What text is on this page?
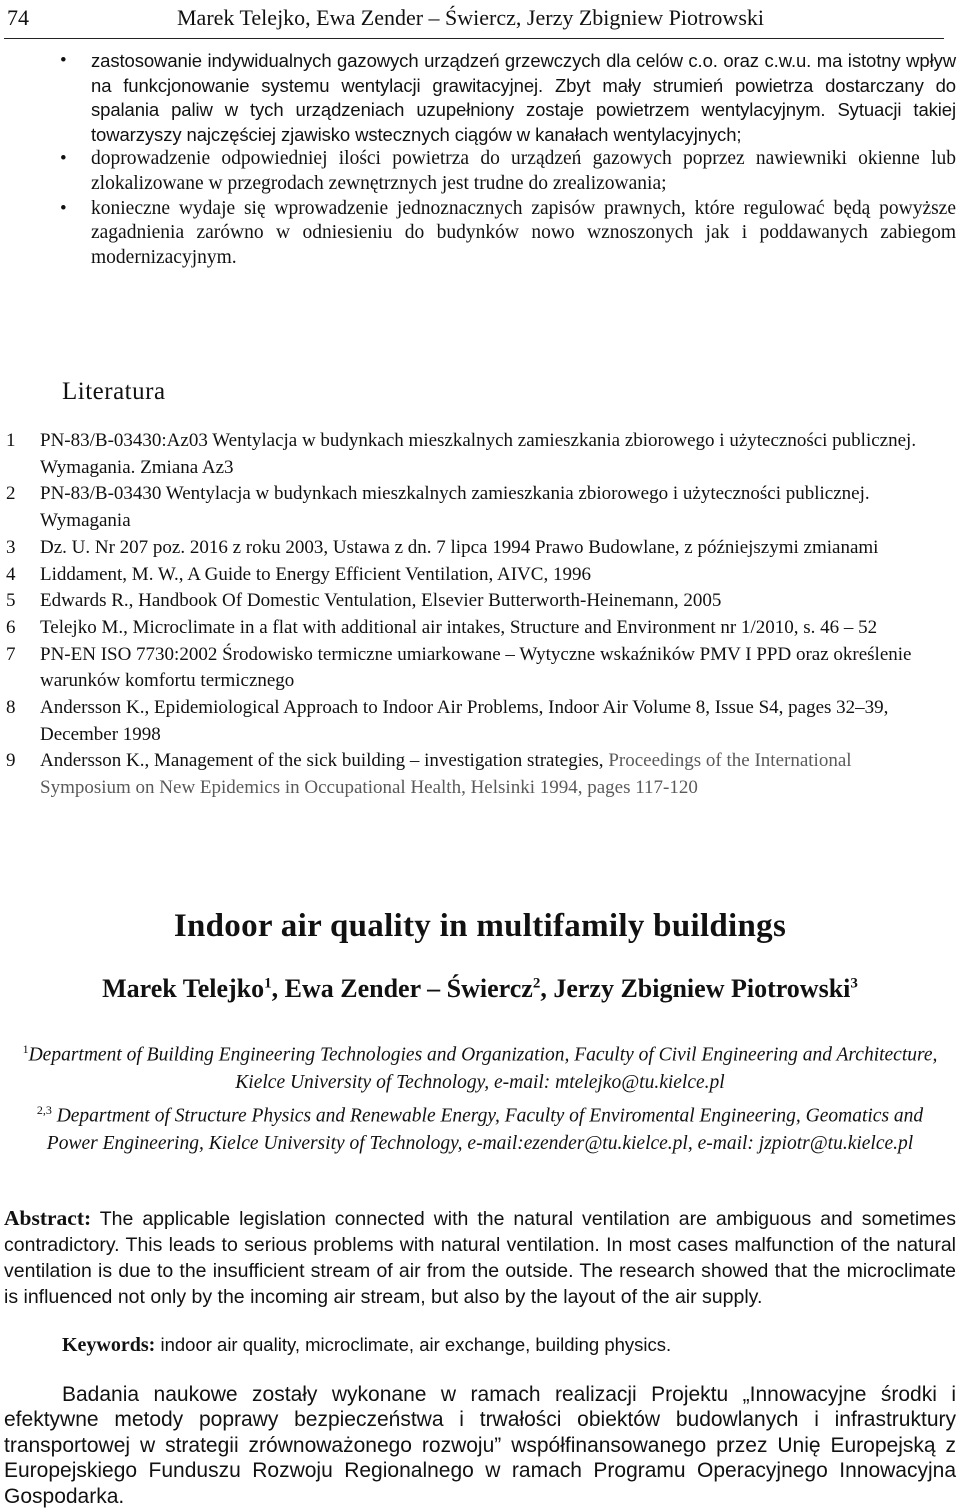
74	Marek Telejko, Ewa Zender – Świercz, Jerzy Zbigniew Piotrowski
• zastosowanie indywidualnych gazowych urządzeń grzewczych dla celów c.o. oraz c.w.u. ma istotny wpływ na funkcjonowanie systemu wentylacji grawitacyjnej. Zbyt mały strumień powietrza dostarczany do spalania paliw w tych urządzeniach uzupełniony zostaje powietrzem wentylacyjnym. Sytuacji takiej towarzyszy najczęściej zjawisko wstecznych ciągów w kanałach wentylacyjnych;
• doprowadzenie odpowiedniej ilości powietrza do urządzeń gazowych poprzez nawiewniki okienne lub zlokalizowane w przegrodach zewnętrznych jest trudne do zrealizowania;
• konieczne wydaje się wprowadzenie jednoznacznych zapisów prawnych, które regulować będą powyższe zagadnienia zarówno w odniesieniu do budynków nowo wznoszonych jak i poddawanych zabiegom modernizacyjnym.
Literatura
1 PN-83/B-03430:Az03 Wentylacja w budynkach mieszkalnych zamieszkania zbiorowego i użyteczności publicznej. Wymagania. Zmiana Az3
2 PN-83/B-03430 Wentylacja w budynkach mieszkalnych zamieszkania zbiorowego i użyteczności publicznej. Wymagania
3 Dz. U. Nr 207 poz. 2016 z roku 2003, Ustawa z dn. 7 lipca 1994 Prawo Budowlane, z późniejszymi zmianami
4 Liddament, M. W., A Guide to Energy Efficient Ventilation, AIVC, 1996
5 Edwards R., Handbook Of Domestic Ventulation, Elsevier Butterworth-Heinemann, 2005
6 Telejko M., Microclimate in a flat with additional air intakes, Structure and Environment nr 1/2010, s. 46 – 52
7 PN-EN ISO 7730:2002 Środowisko termiczne umiarkowane – Wytyczne wskaźników PMV I PPD oraz określenie warunków komfortu termicznego
8 Andersson K., Epidemiological Approach to Indoor Air Problems, Indoor Air Volume 8, Issue S4, pages 32–39, December 1998
9 Andersson K., Management of the sick building – investigation strategies, Proceedings of the International Symposium on New Epidemics in Occupational Health, Helsinki 1994, pages 117-120
Indoor air quality in multifamily buildings
Marek Telejko$^1$, Ewa Zender – Świercz$^2$, Jerzy Zbigniew Piotrowski$^3$
$^1$Department of Building Engineering Technologies and Organization, Faculty of Civil Engineering and Architecture, Kielce University of Technology, e-mail: mtelejko@tu.kielce.pl
$^{2,3}$ Department of Structure Physics and Renewable Energy, Faculty of Enviromental Engineering, Geomatics and Power Engineering, Kielce University of Technology, e-mail:ezender@tu.kielce.pl, e-mail: jzpiotr@tu.kielce.pl
Abstract: The applicable legislation connected with the natural ventilation are ambiguous and sometimes contradictory. This leads to serious problems with natural ventilation. In most cases malfunction of the natural ventilation is due to the insufficient stream of air from the outside. The research showed that the microclimate is influenced not only by the incoming air stream, but also by the layout of the air supply.
Keywords: indoor air quality, microclimate, air exchange, building physics.
Badania naukowe zostały wykonane w ramach realizacji Projektu „Innowacyjne środki i efektywne metody poprawy bezpieczeństwa i trwałości obiektów budowlanych i infrastruktury transportowej w strategii zrównoważonego rozwoju” współfinansowanego przez Unię Europejską z Europejskiego Funduszu Rozwoju Regionalnego w ramach Programu Operacyjnego Innowacyjna Gospodarka.
